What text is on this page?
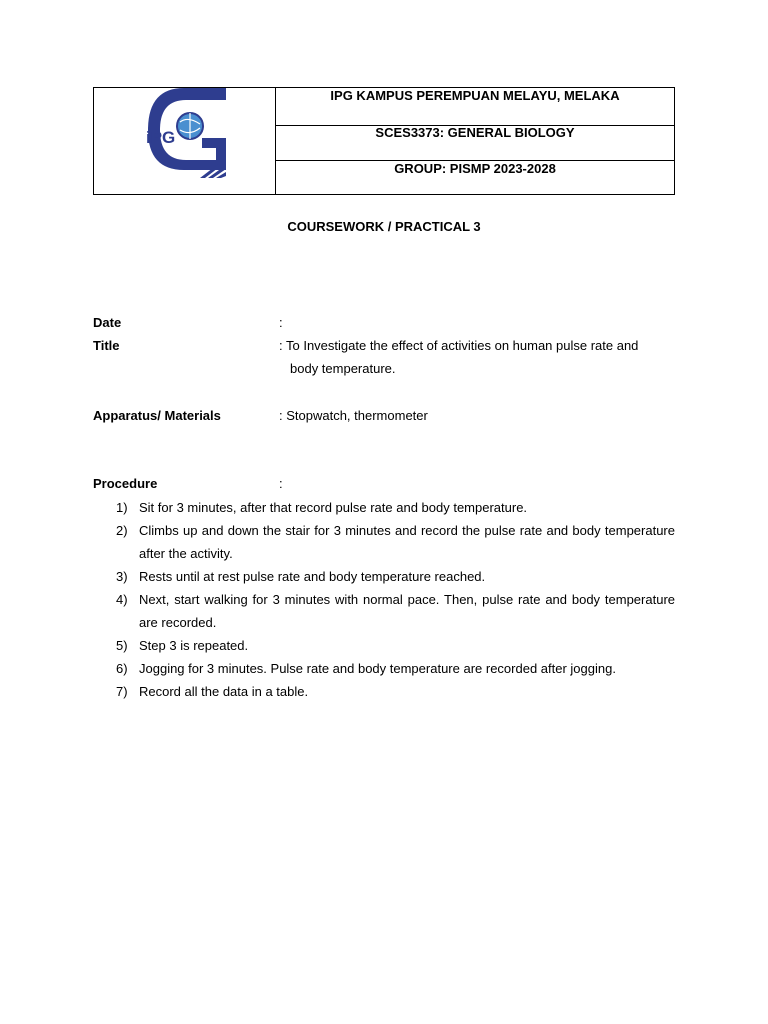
iPG
IPG KAMPUS PEREMPUAN MELAYU, MELAKA
SCES3373: GENERAL BIOLOGY
GROUP: PISMP 2023-2028
COURSEWORK / PRACTICAL 3
Date	:
Title	: To Investigate the effect of activities on human pulse rate and
body temperature.
Apparatus/ Materials	: Stopwatch, thermometer
Procedure	:
1) Sit for 3 minutes, after that record pulse rate and body temperature.
2) Climbs up and down the stair for 3 minutes and record the pulse rate and body temperature after the activity.
3) Rests until at rest pulse rate and body temperature reached.
4) Next, start walking for 3 minutes with normal pace. Then, pulse rate and body temperature are recorded.
5) Step 3 is repeated.
6) Jogging for 3 minutes. Pulse rate and body temperature are recorded after jogging.
7) Record all the data in a table.
